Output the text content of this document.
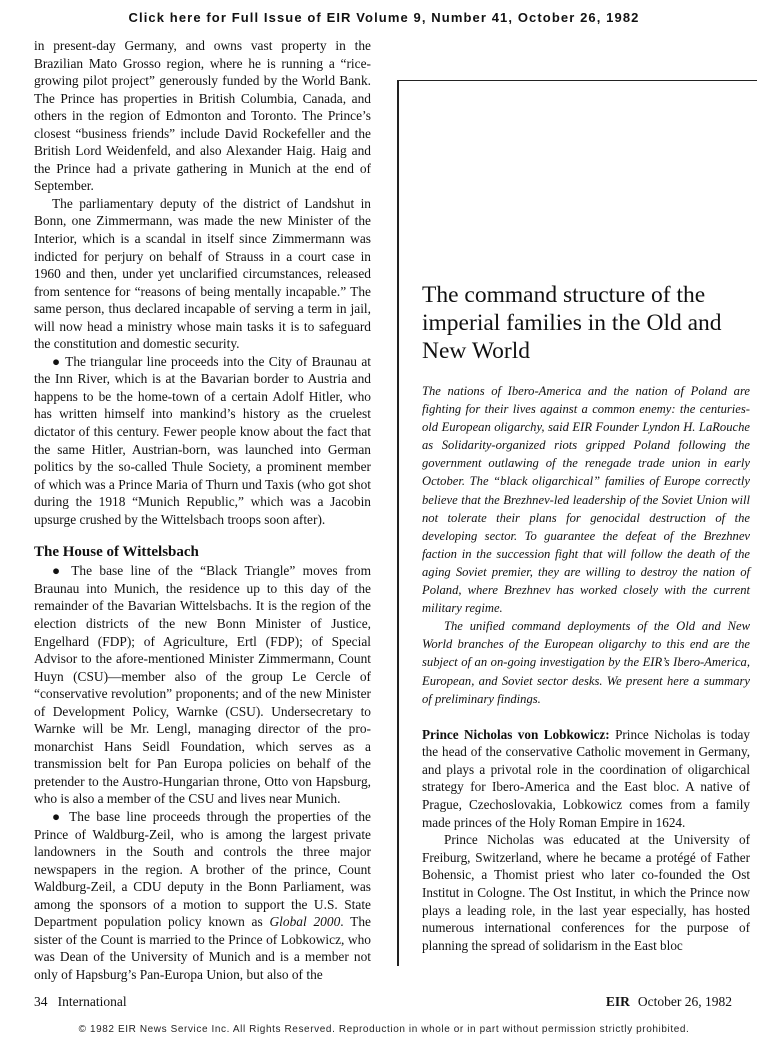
Click here for Full Issue of EIR Volume 9, Number 41, October 26, 1982

in present-day Germany, and owns vast property in the Brazilian Mato Grosso region, where he is running a “rice-growing pilot project” generously funded by the World Bank. The Prince has properties in British Columbia, Canada, and others in the region of Edmonton and Toronto. The Prince’s closest “business friends” include David Rockefeller and the British Lord Weidenfeld, and also Alexander Haig. Haig and the Prince had a private gathering in Munich at the end of September.

The parliamentary deputy of the district of Landshut in Bonn, one Zimmermann, was made the new Minister of the Interior, which is a scandal in itself since Zimmermann was indicted for perjury on behalf of Strauss in a court case in 1960 and then, under yet unclarified circumstances, released from sentence for “reasons of being mentally incapable.” The same person, thus declared incapable of serving a term in jail, will now head a ministry whose main tasks it is to safeguard the constitution and domestic security.

● The triangular line proceeds into the City of Braunau at the Inn River, which is at the Bavarian border to Austria and happens to be the home-town of a certain Adolf Hitler, who has written himself into mankind’s history as the cruelest dictator of this century. Fewer people know about the fact that the same Hitler, Austrian-born, was launched into German politics by the so-called Thule Society, a prominent member of which was a Prince Maria of Thurn und Taxis (who got shot during the 1918 “Munich Republic,” which was a Jacobin upsurge crushed by the Wittelsbach troops soon after).

The House of Wittelsbach

● The base line of the “Black Triangle” moves from Braunau into Munich, the residence up to this day of the remainder of the Bavarian Wittelsbachs. It is the region of the election districts of the new Bonn Minister of Justice, Engelhard (FDP); of Agriculture, Ertl (FDP); of Special Advisor to the afore-mentioned Minister Zimmermann, Count Huyn (CSU)—member also of the group Le Cercle of “conservative revolution” proponents; and of the new Minister of Development Policy, Warnke (CSU). Undersecretary to Warnke will be Mr. Lengl, managing director of the pro-monarchist Hans Seidl Foundation, which serves as a transmission belt for Pan Europa policies on behalf of the pretender to the Austro-Hungarian throne, Otto von Hapsburg, who is also a member of the CSU and lives near Munich.

● The base line proceeds through the properties of the Prince of Waldburg-Zeil, who is among the largest private landowners in the South and controls the three major newspapers in the region. A brother of the prince, Count Waldburg-Zeil, a CDU deputy in the Bonn Parliament, was among the sponsors of a motion to support the U.S. State Department population policy known as Global 2000. The sister of the Count is married to the Prince of Lobkowicz, who was Dean of the University of Munich and is a member not only of Hapsburg’s Pan-Europa Union, but also of the

The command structure of the imperial families in the Old and New World

The nations of Ibero-America and the nation of Poland are fighting for their lives against a common enemy: the centuries-old European oligarchy, said EIR Founder Lyndon H. LaRouche as Solidarity-organized riots gripped Poland following the government outlawing of the renegade trade union in early October. The “black oligarchical” families of Europe correctly believe that the Brezhnev-led leadership of the Soviet Union will not tolerate their plans for genocidal destruction of the developing sector. To guarantee the defeat of the Brezhnev faction in the succession fight that will follow the death of the aging Soviet premier, they are willing to destroy the nation of Poland, where Brezhnev has worked closely with the current military regime.

The unified command deployments of the Old and New World branches of the European oligarchy to this end are the subject of an on-going investigation by the EIR’s Ibero-America, European, and Soviet sector desks. We present here a summary of preliminary findings.

Prince Nicholas von Lobkowicz: Prince Nicholas is today the head of the conservative Catholic movement in Germany, and plays a privotal role in the coordination of oligarchical strategy for Ibero-America and the East bloc. A native of Prague, Czechoslovakia, Lobkowicz comes from a family made princes of the Holy Roman Empire in 1624.

Prince Nicholas was educated at the University of Freiburg, Switzerland, where he became a protégé of Father Bohensic, a Thomist priest who later co-founded the Ost Institut in Cologne. The Ost Institut, in which the Prince now plays a leading role, in the last year especially, has hosted numerous international conferences for the purpose of planning the spread of solidarism in the East bloc

34 International	EIR October 26, 1982
© 1982 EIR News Service Inc. All Rights Reserved. Reproduction in whole or in part without permission strictly prohibited.
